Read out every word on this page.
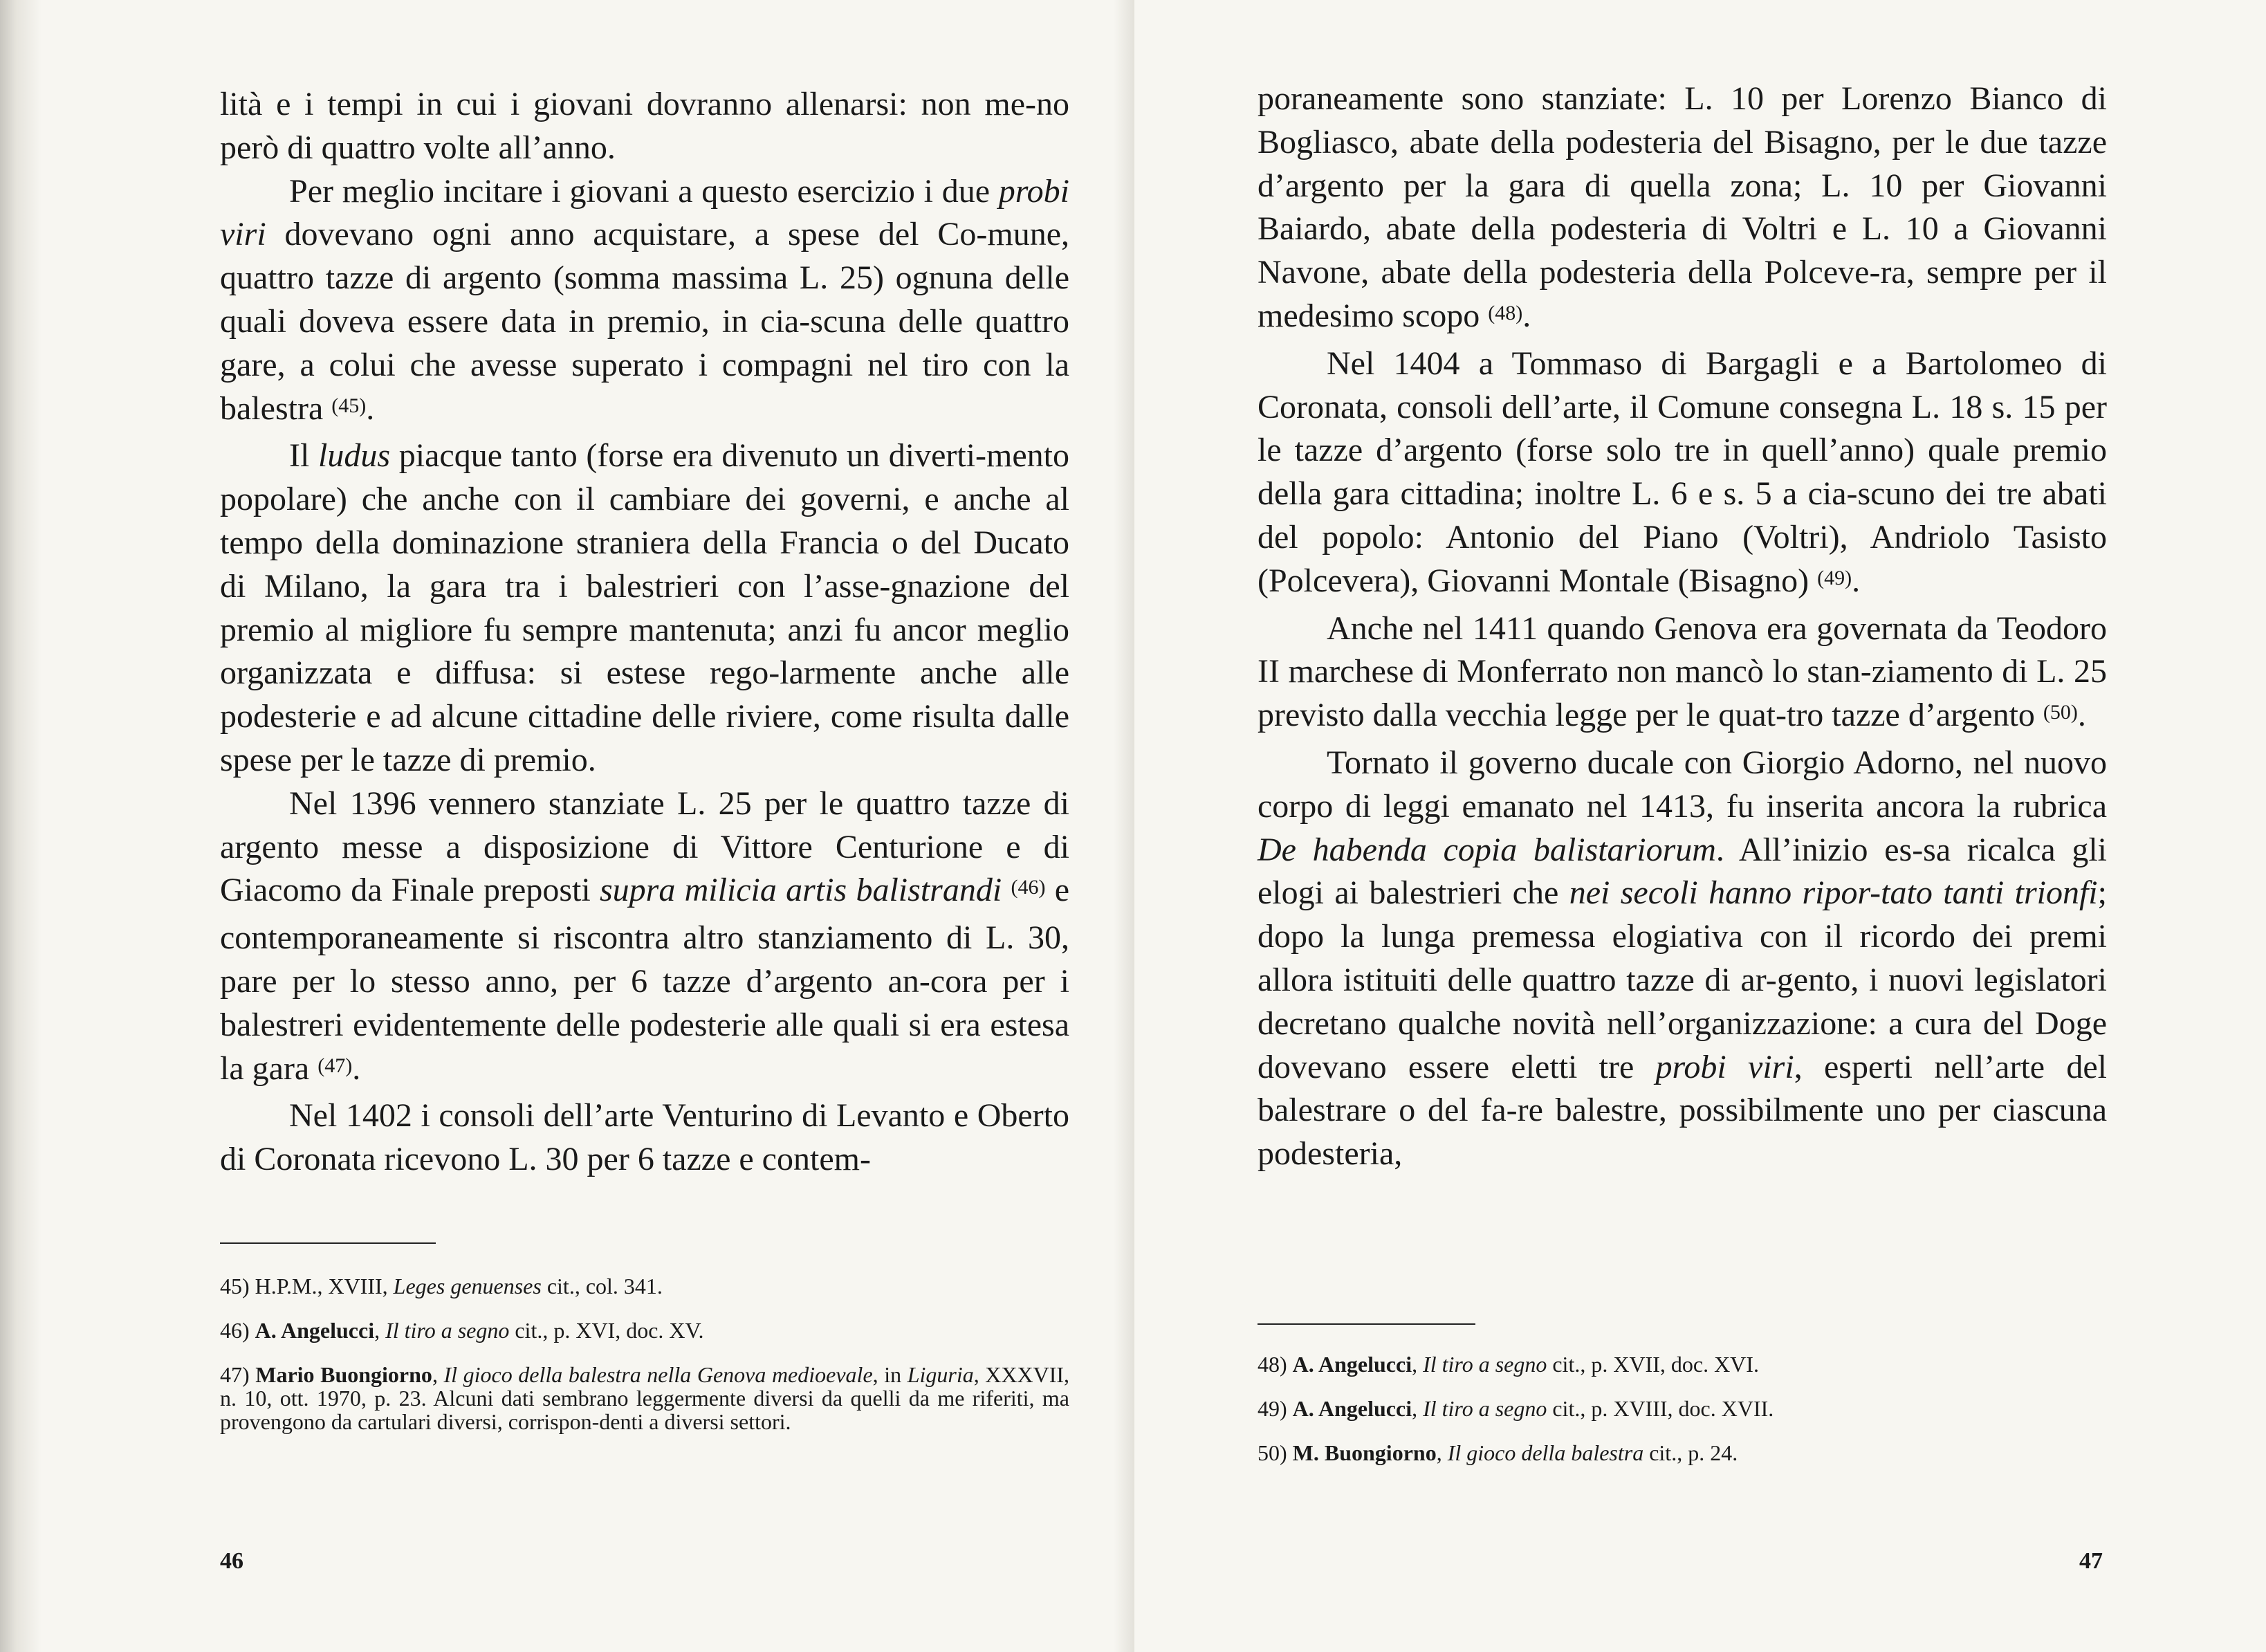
lità e i tempi in cui i giovani dovranno allenarsi: non me-no però di quattro volte all’anno.

Per meglio incitare i giovani a questo esercizio i due probi viri dovevano ogni anno acquistare, a spese del Co-mune, quattro tazze di argento (somma massima L. 25) ognuna delle quali doveva essere data in premio, in cia-scuna delle quattro gare, a colui che avesse superato i compagni nel tiro con la balestra $^{(45)}$.

Il ludus piacque tanto (forse era divenuto un diverti-mento popolare) che anche con il cambiare dei governi, e anche al tempo della dominazione straniera della Francia o del Ducato di Milano, la gara tra i balestrieri con l’asse-gnazione del premio al migliore fu sempre mantenuta; anzi fu ancor meglio organizzata e diffusa: si estese rego-larmente anche alle podesterie e ad alcune cittadine delle riviere, come risulta dalle spese per le tazze di premio.

Nel 1396 vennero stanziate L. 25 per le quattro tazze di argento messe a disposizione di Vittore Centurione e di Giacomo da Finale preposti supra milicia artis balistrandi $^{(46)}$ e contemporaneamente si riscontra altro stanziamento di L. 30, pare per lo stesso anno, per 6 tazze d’argento an-cora per i balestreri evidentemente delle podesterie alle quali si era estesa la gara $^{(47)}$.

Nel 1402 i consoli dell’arte Venturino di Levanto e Oberto di Coronata ricevono L. 30 per 6 tazze e contem-

45) H.P.M., XVIII, Leges genuenses cit., col. 341.

46) A. Angelucci, Il tiro a segno cit., p. XVI, doc. XV.

47) Mario Buongiorno, Il gioco della balestra nella Genova medioevale, in Liguria, XXXVII, n. 10, ott. 1970, p. 23. Alcuni dati sembrano leggermente diversi da quelli da me riferiti, ma provengono da cartulari diversi, corrispon-denti a diversi settori.

46

poraneamente sono stanziate: L. 10 per Lorenzo Bianco di Bogliasco, abate della podesteria del Bisagno, per le due tazze d’argento per la gara di quella zona; L. 10 per Giovanni Baiardo, abate della podesteria di Voltri e L. 10 a Giovanni Navone, abate della podesteria della Polceve-ra, sempre per il medesimo scopo $^{(48)}$.

Nel 1404 a Tommaso di Bargagli e a Bartolomeo di Coronata, consoli dell’arte, il Comune consegna L. 18 s. 15 per le tazze d’argento (forse solo tre in quell’anno) quale premio della gara cittadina; inoltre L. 6 e s. 5 a cia-scuno dei tre abati del popolo: Antonio del Piano (Voltri), Andriolo Tasisto (Polcevera), Giovanni Montale (Bisagno) $^{(49)}$.

Anche nel 1411 quando Genova era governata da Teodoro II marchese di Monferrato non mancò lo stan-ziamento di L. 25 previsto dalla vecchia legge per le quat-tro tazze d’argento $^{(50)}$.

Tornato il governo ducale con Giorgio Adorno, nel nuovo corpo di leggi emanato nel 1413, fu inserita ancora la rubrica De habenda copia balistariorum. All’inizio es-sa ricalca gli elogi ai balestrieri che nei secoli hanno ripor-tato tanti trionfi; dopo la lunga premessa elogiativa con il ricordo dei premi allora istituiti delle quattro tazze di ar-gento, i nuovi legislatori decretano qualche novità nell’organizzazione: a cura del Doge dovevano essere eletti tre probi viri, esperti nell’arte del balestrare o del fa-re balestre, possibilmente uno per ciascuna podesteria,

48) A. Angelucci, Il tiro a segno cit., p. XVII, doc. XVI.

49) A. Angelucci, Il tiro a segno cit., p. XVIII, doc. XVII.

50) M. Buongiorno, Il gioco della balestra cit., p. 24.

47
